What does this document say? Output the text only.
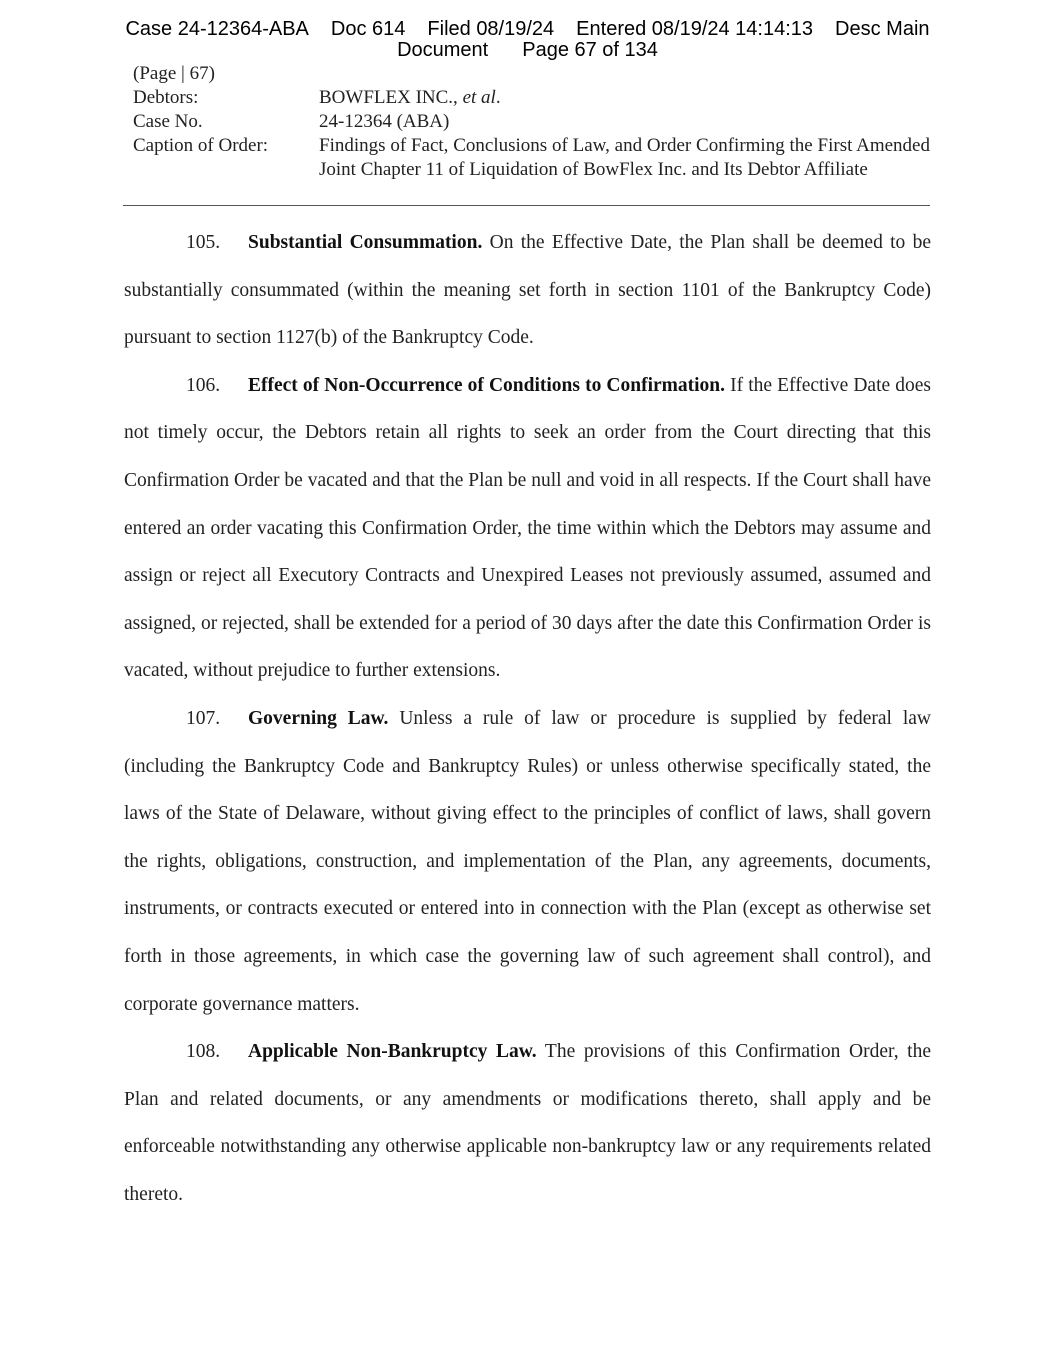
Case 24-12364-ABA Doc 614 Filed 08/19/24 Entered 08/19/24 14:14:13 Desc Main
Document Page 67 of 134
(Page | 67)
Debtors:	BOWFLEX INC., et al.
Case No.	24-12364 (ABA)
Caption of Order:	Findings of Fact, Conclusions of Law, and Order Confirming the First Amended Joint Chapter 11 of Liquidation of BowFlex Inc. and Its Debtor Affiliate

105. Substantial Consummation. On the Effective Date, the Plan shall be deemed to be substantially consummated (within the meaning set forth in section 1101 of the Bankruptcy Code) pursuant to section 1127(b) of the Bankruptcy Code.

106. Effect of Non-Occurrence of Conditions to Confirmation. If the Effective Date does not timely occur, the Debtors retain all rights to seek an order from the Court directing that this Confirmation Order be vacated and that the Plan be null and void in all respects. If the Court shall have entered an order vacating this Confirmation Order, the time within which the Debtors may assume and assign or reject all Executory Contracts and Unexpired Leases not previously assumed, assumed and assigned, or rejected, shall be extended for a period of 30 days after the date this Confirmation Order is vacated, without prejudice to further extensions.

107. Governing Law. Unless a rule of law or procedure is supplied by federal law (including the Bankruptcy Code and Bankruptcy Rules) or unless otherwise specifically stated, the laws of the State of Delaware, without giving effect to the principles of conflict of laws, shall govern the rights, obligations, construction, and implementation of the Plan, any agreements, documents, instruments, or contracts executed or entered into in connection with the Plan (except as otherwise set forth in those agreements, in which case the governing law of such agreement shall control), and corporate governance matters.

108. Applicable Non-Bankruptcy Law. The provisions of this Confirmation Order, the Plan and related documents, or any amendments or modifications thereto, shall apply and be enforceable notwithstanding any otherwise applicable non-bankruptcy law or any requirements related thereto.
